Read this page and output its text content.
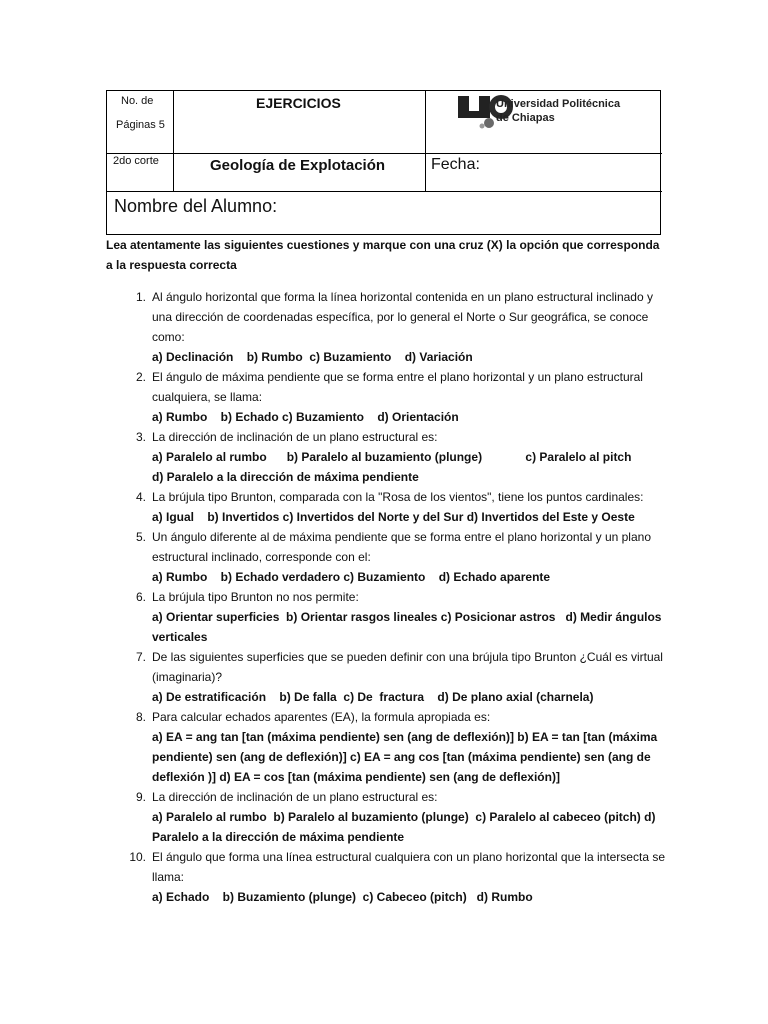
No. de
Páginas 5
EJERCICIOS	Universidad Politécnica
de Chiapas
2do corte	Geología de Explotación	Fecha:
Nombre del Alumno:
Lea atentamente las siguientes cuestiones y marque con una cruz (X) la opción que corresponda a la respuesta correcta
1. Al ángulo horizontal que forma la línea horizontal contenida en un plano estructural inclinado y una dirección de coordenadas específica, por lo general el Norte o Sur geográfica, se conoce como:
a) Declinación    b) Rumbo  c) Buzamiento    d) Variación
2. El ángulo de máxima pendiente que se forma entre el plano horizontal y un plano estructural cualquiera, se llama:
a) Rumbo    b) Echado c) Buzamiento    d) Orientación
3. La dirección de inclinación de un plano estructural es:
a) Paralelo al rumbo      b) Paralelo al buzamiento (plunge)             c) Paralelo al pitch
d) Paralelo a la dirección de máxima pendiente
4. La brújula tipo Brunton, comparada con la "Rosa de los vientos", tiene los puntos cardinales:
a) Igual    b) Invertidos c) Invertidos del Norte y del Sur d) Invertidos del Este y Oeste
5. Un ángulo diferente al de máxima pendiente que se forma entre el plano horizontal y un plano estructural inclinado, corresponde con el:
a) Rumbo    b) Echado verdadero c) Buzamiento    d) Echado aparente
6. La brújula tipo Brunton no nos permite:
a) Orientar superficies  b) Orientar rasgos lineales c) Posicionar astros   d) Medir ángulos verticales
7. De las siguientes superficies que se pueden definir con una brújula tipo Brunton ¿Cuál es virtual (imaginaria)?
a) De estratificación    b) De falla  c) De  fractura    d) De plano axial (charnela)
8. Para calcular echados aparentes (EA), la formula apropiada es:
a) EA = ang tan [tan (máxima pendiente) sen (ang de deflexión)] b) EA = tan [tan (máxima pendiente) sen (ang de deflexión)] c) EA = ang cos [tan (máxima pendiente) sen (ang de deflexión )] d) EA = cos [tan (máxima pendiente) sen (ang de deflexión)]
9. La dirección de inclinación de un plano estructural es:
a) Paralelo al rumbo  b) Paralelo al buzamiento (plunge)  c) Paralelo al cabeceo (pitch) d) Paralelo a la dirección de máxima pendiente
10. El ángulo que forma una línea estructural cualquiera con un plano horizontal que la intersecta se llama:
a) Echado    b) Buzamiento (plunge)  c) Cabeceo (pitch)   d) Rumbo
